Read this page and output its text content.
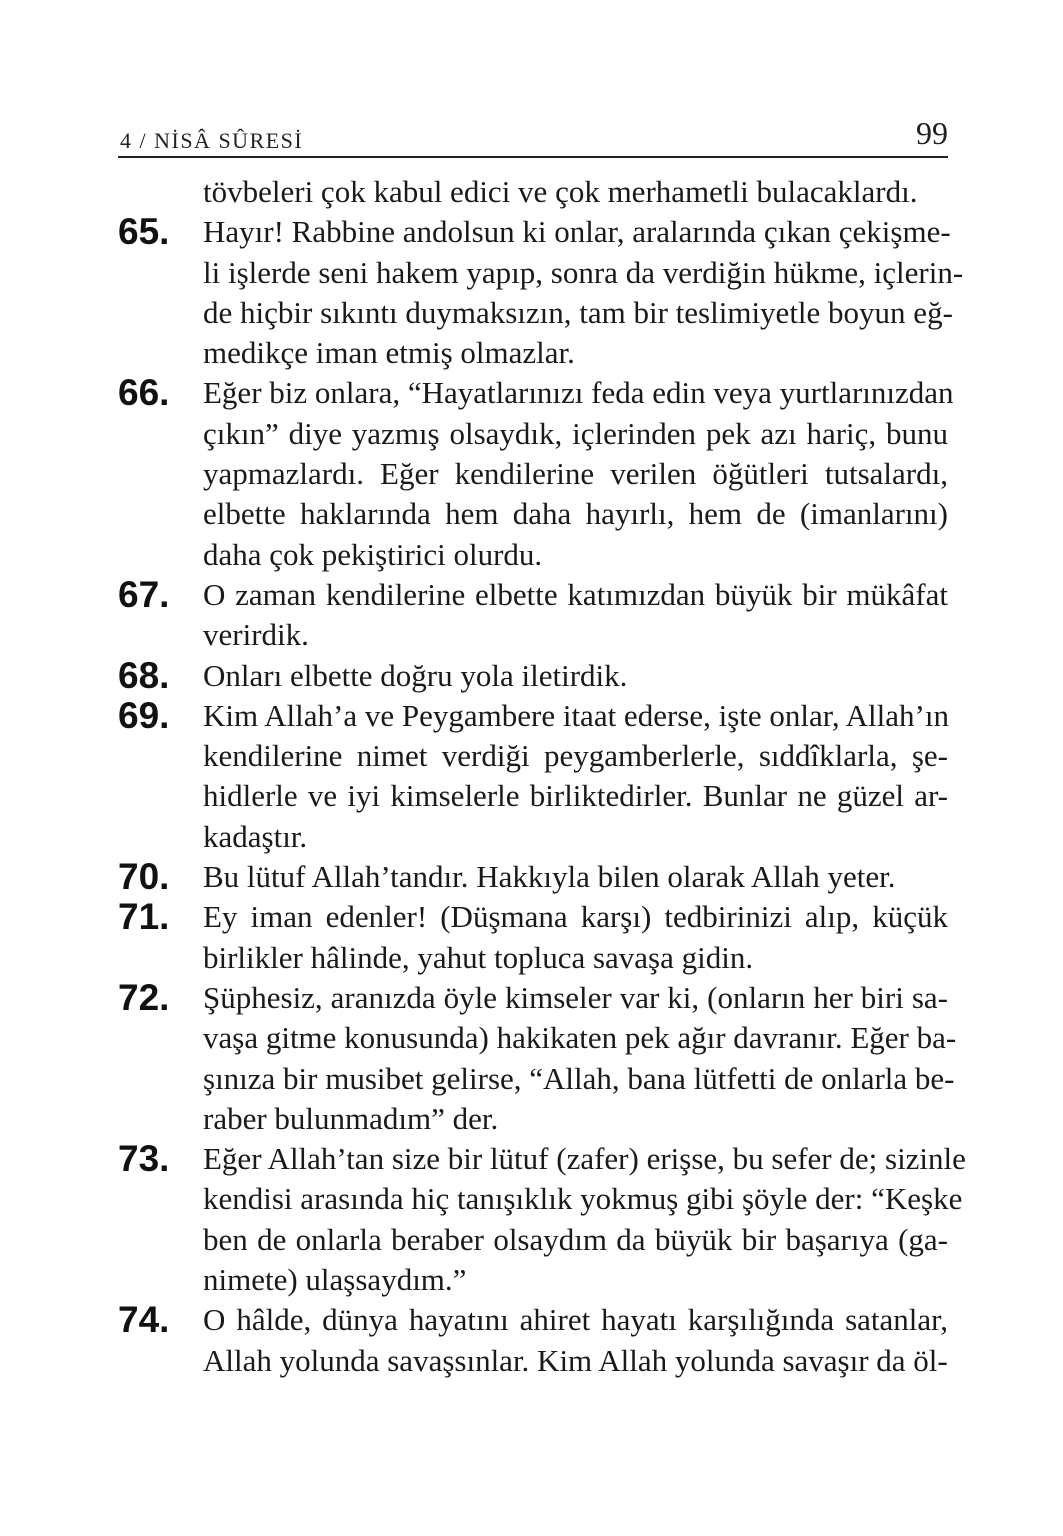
4 / NİSÂ SÛRESİ	99
tövbeleri çok kabul edici ve çok merhametli bulacaklardı.
65.	Hayır! Rabbine andolsun ki onlar, aralarında çıkan çekişme-
li işlerde seni hakem yapıp, sonra da verdiğin hükme, içlerin-
de hiçbir sıkıntı duymaksızın, tam bir teslimiyetle boyun eğ-
medikçe iman etmiş olmazlar.
66.	Eğer biz onlara, “Hayatlarınızı feda edin veya yurtlarınızdan
çıkın” diye yazmış olsaydık, içlerinden pek azı hariç, bunu
yapmazlardı. Eğer kendilerine verilen öğütleri tutsalardı,
elbette haklarında hem daha hayırlı, hem de (imanlarını)
daha çok pekiştirici olurdu.
67.	O zaman kendilerine elbette katımızdan büyük bir mükâfat
verirdik.
68.	Onları elbette doğru yola iletirdik.
69.	Kim Allah’a ve Peygambere itaat ederse, işte onlar, Allah’ın
kendilerine nimet verdiği peygamberlerle, sıddîklarla, şe-
hidlerle ve iyi kimselerle birliktedirler. Bunlar ne güzel ar-
kadaştır.
70.	Bu lütuf Allah’tandır. Hakkıyla bilen olarak Allah yeter.
71.	Ey iman edenler! (Düşmana karşı) tedbirinizi alıp, küçük
birlikler hâlinde, yahut topluca savaşa gidin.
72.	Şüphesiz, aranızda öyle kimseler var ki, (onların her biri sa-
vaşa gitme konusunda) hakikaten pek ağır davranır. Eğer ba-
şınıza bir musibet gelirse, “Allah, bana lütfetti de onlarla be-
raber bulunmadım” der.
73.	Eğer Allah’tan size bir lütuf (zafer) erişse, bu sefer de; sizinle
kendisi arasında hiç tanışıklık yokmuş gibi şöyle der: “Keşke
ben de onlarla beraber olsaydım da büyük bir başarıya (ga-
nimete) ulaşsaydım.”
74.	O hâlde, dünya hayatını ahiret hayatı karşılığında satanlar,
Allah yolunda savaşsınlar. Kim Allah yolunda savaşır da öl-
